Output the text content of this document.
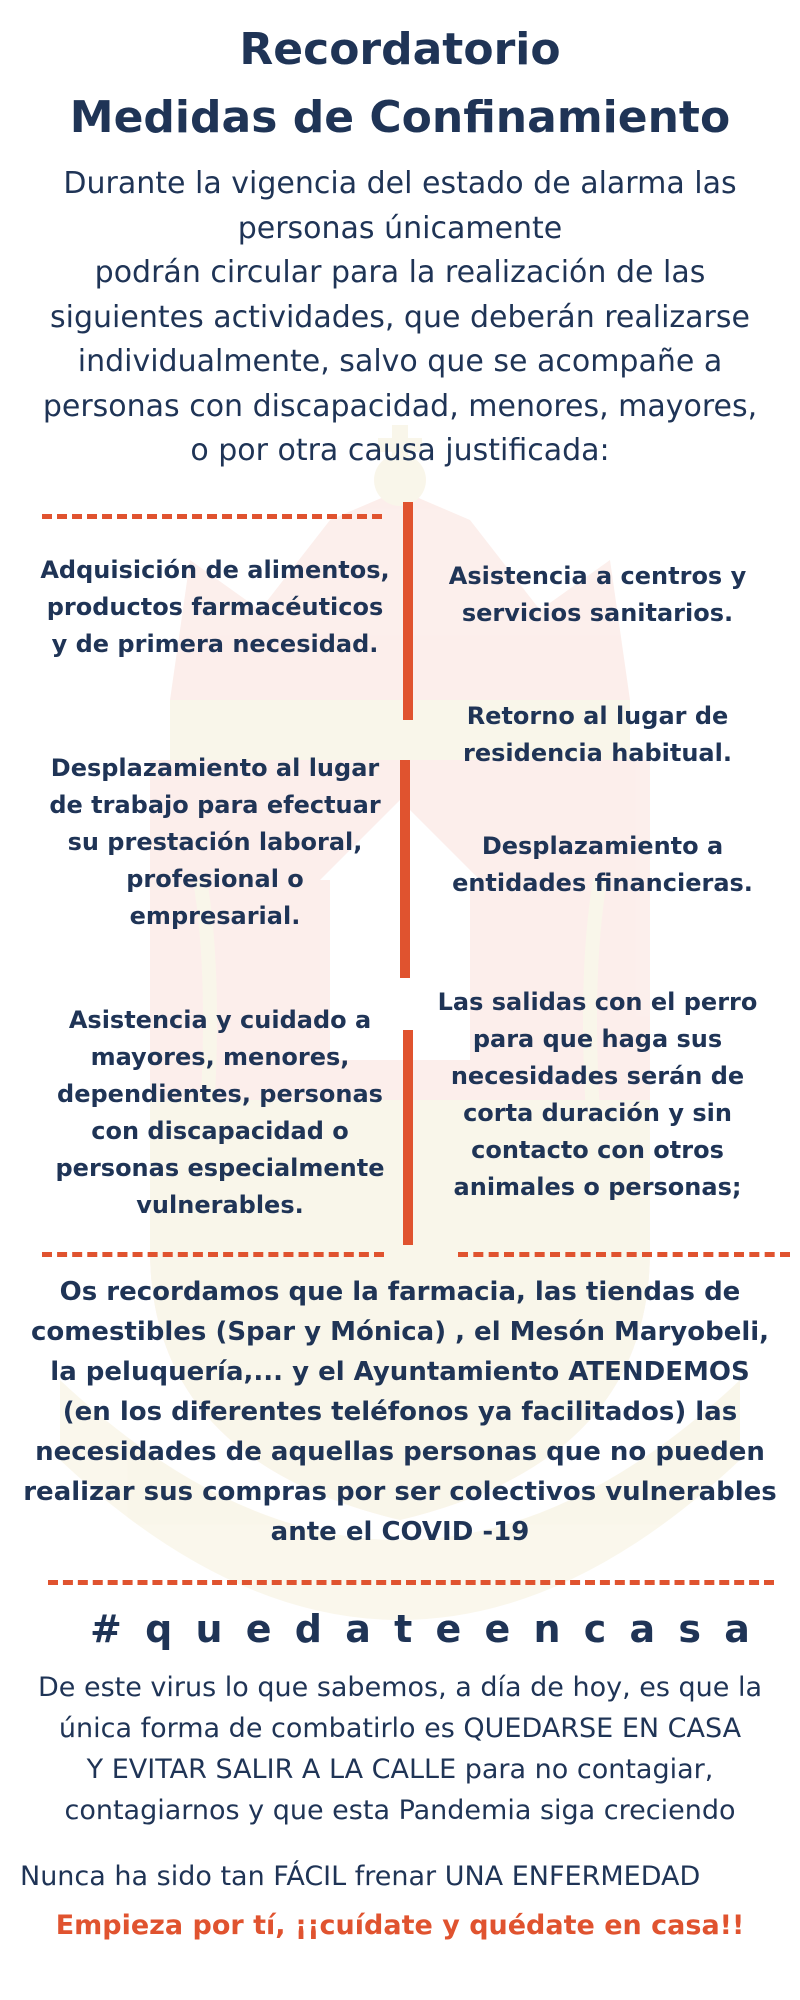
Recordatorio
Medidas de Confinamiento
Durante la vigencia del estado de alarma las
personas únicamente
podrán circular para la realización de las
siguientes actividades, que deberán realizarse
individualmente, salvo que se acompañe a
personas con discapacidad, menores, mayores,
o por otra causa justificada:
Adquisición de alimentos,
productos farmacéuticos
y de primera necesidad.
Desplazamiento al lugar
de trabajo para efectuar
su prestación laboral,
profesional o
empresarial.
Asistencia y cuidado a
mayores, menores,
dependientes, personas
con discapacidad o
personas especialmente
vulnerables.
Asistencia a centros y
servicios sanitarios.
Retorno al lugar de
residencia habitual.
Desplazamiento a
entidades financieras.
Las salidas con el perro
para que haga sus
necesidades serán de
corta duración y sin
contacto con otros
animales o personas;
Os recordamos que la farmacia, las tiendas de
comestibles (Spar y Mónica) , el Mesón Maryobeli,
la peluquería,... y el Ayuntamiento ATENDEMOS
(en los diferentes teléfonos ya facilitados) las
necesidades de aquellas personas que no pueden
realizar sus compras por ser colectivos vulnerables
ante el COVID -19
# q u e d a t e e n c a s a
De este virus lo que sabemos, a día de hoy, es que la
única forma de combatirlo es QUEDARSE EN CASA
Y EVITAR SALIR A LA CALLE para no contagiar,
contagiarnos y que esta Pandemia siga creciendo
Nunca ha sido tan FÁCIL frenar UNA ENFERMEDAD
Empieza por tí, ¡¡cuídate y quédate en casa!!
